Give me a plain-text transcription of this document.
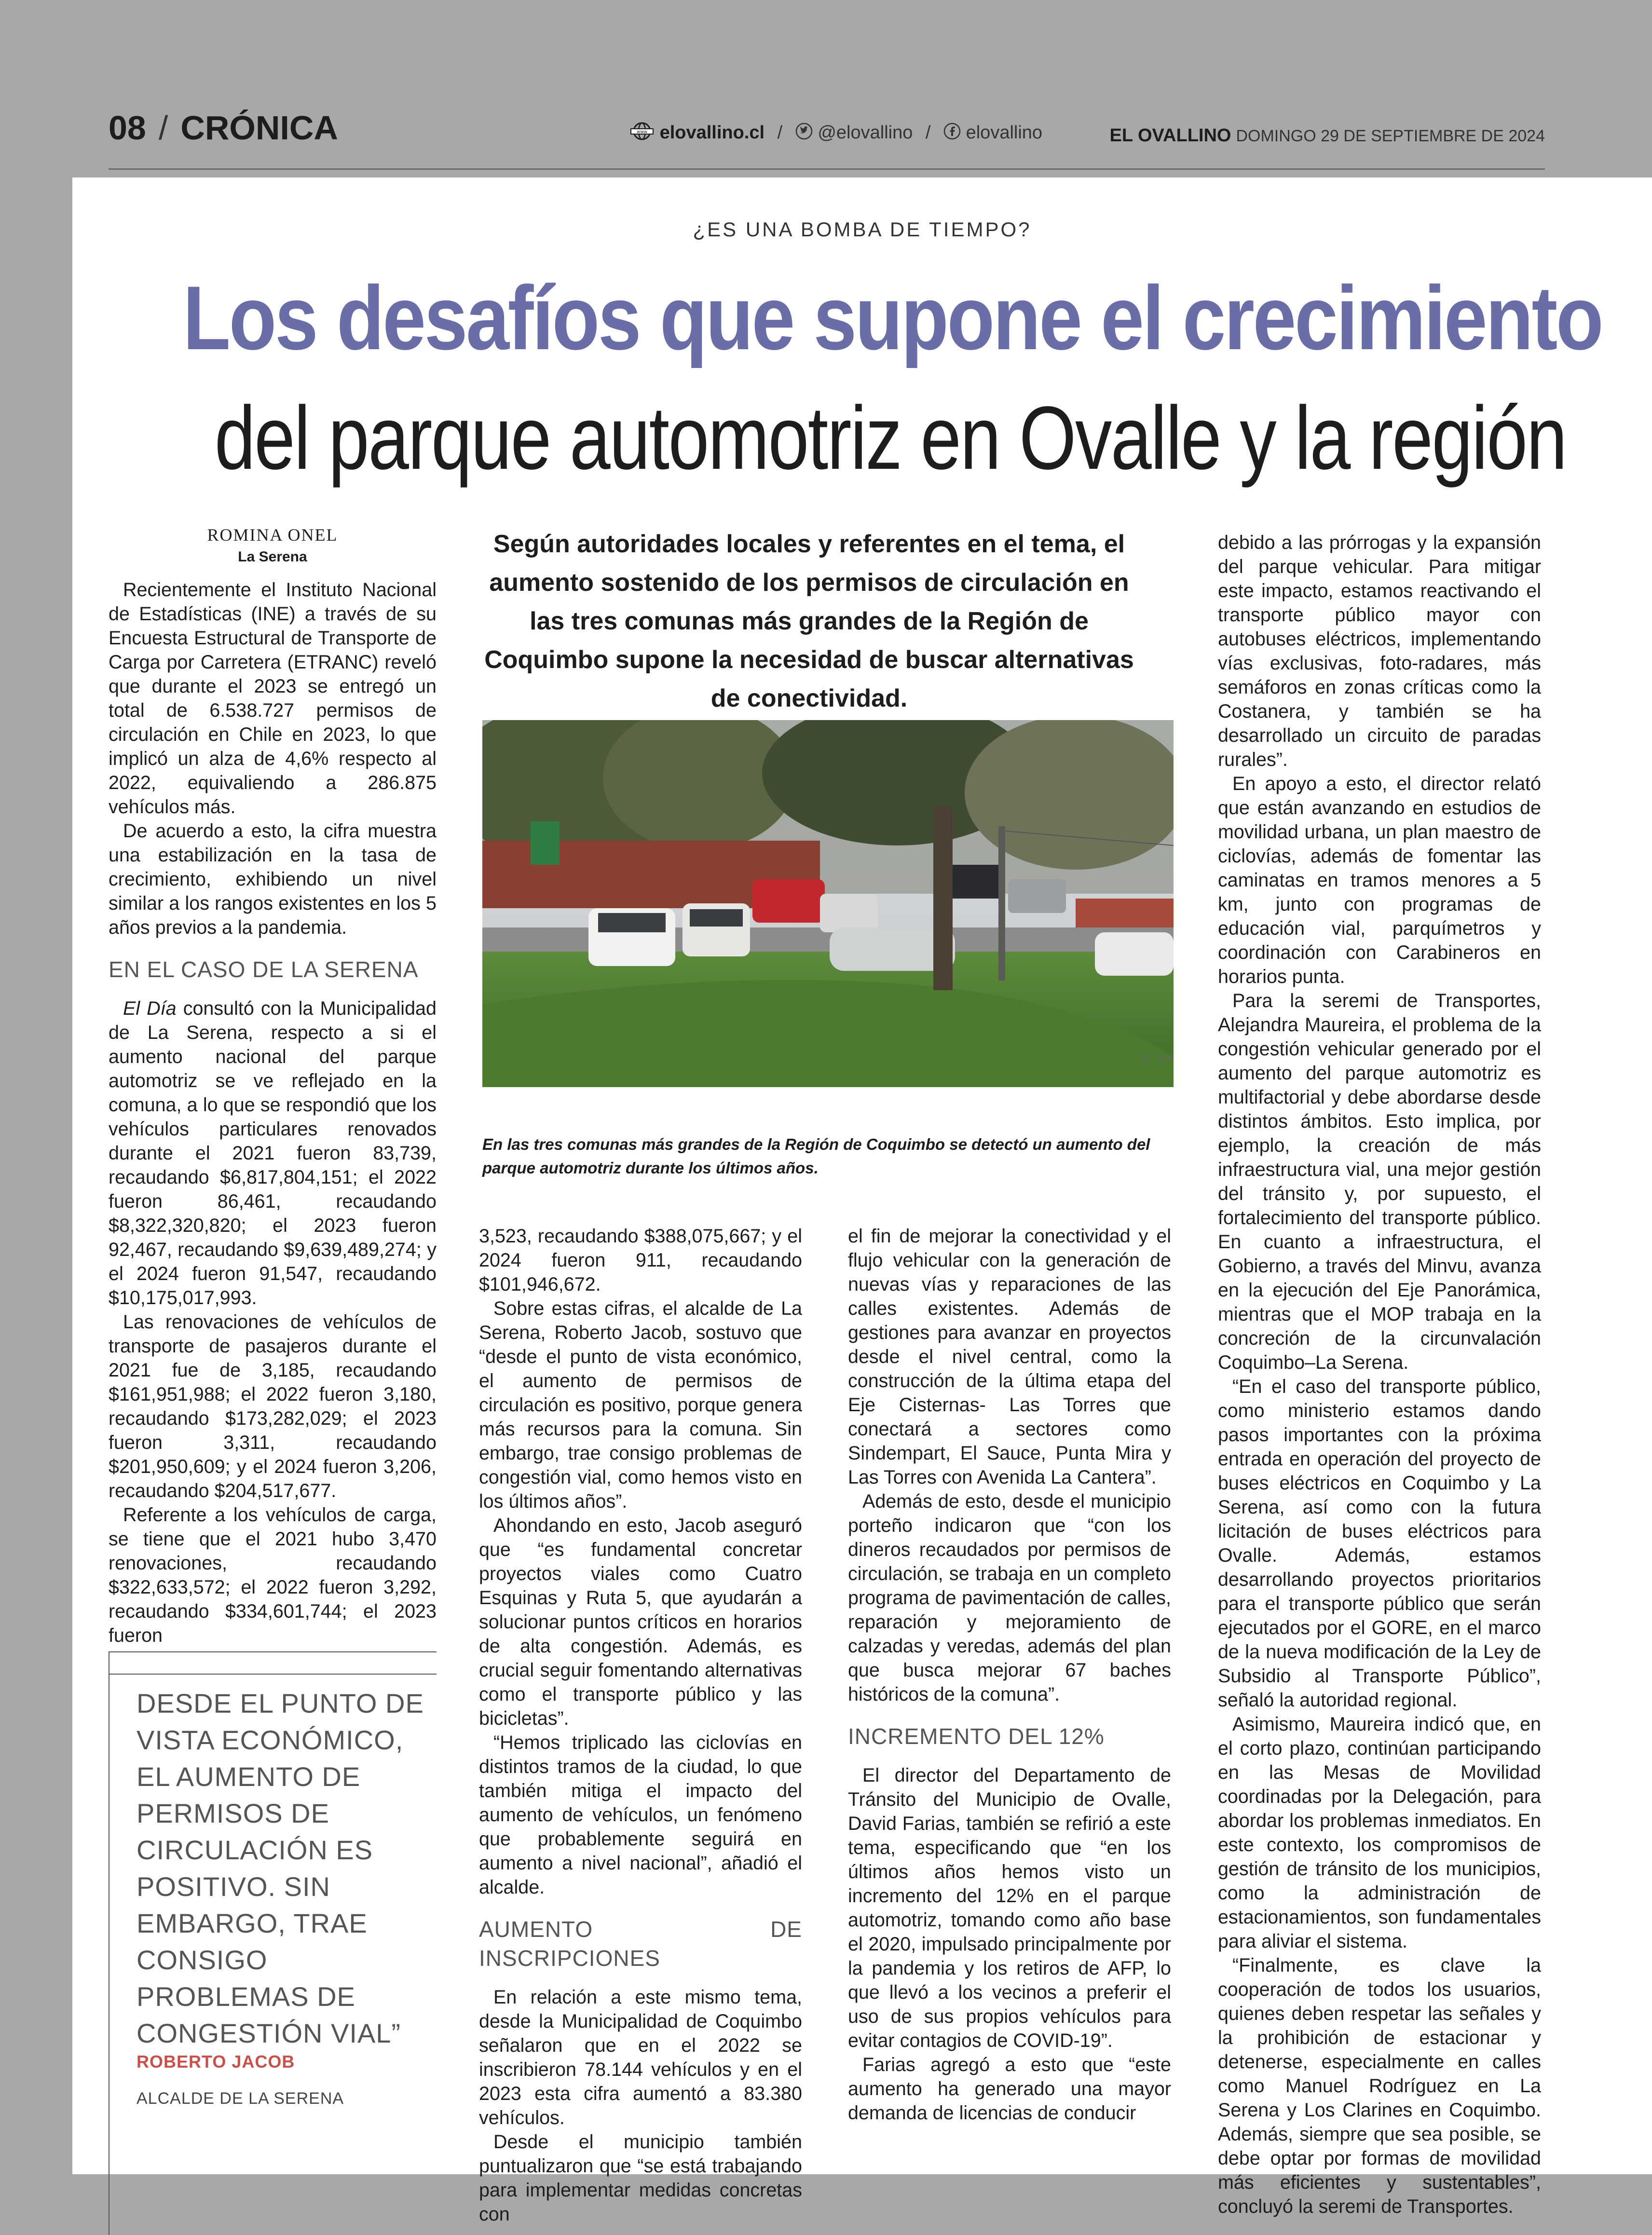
08 / CRÓNICA	www elovallino.cl / @elovallino / elovallino	EL OVALLINO DOMINGO 29 DE SEPTIEMBRE DE 2024
¿ES UNA BOMBA DE TIEMPO?
Los desafíos que supone el crecimiento
del parque automotriz en Ovalle y la región
ROMINA ONEL
La Serena

Recientemente el Instituto Nacional de Estadísticas (INE) a través de su Encuesta Estructural de Transporte de Carga por Carretera (ETRANC) reveló que durante el 2023 se entregó un total de 6.538.727 permisos de circulación en Chile en 2023, lo que implicó un alza de 4,6% respecto al 2022, equivaliendo a 286.875 vehículos más.

De acuerdo a esto, la cifra muestra una estabilización en la tasa de crecimiento, exhibiendo un nivel similar a los rangos existentes en los 5 años previos a la pandemia.

EN EL CASO DE LA SERENA

El Día consultó con la Municipalidad de La Serena, respecto a si el aumento nacional del parque automotriz se ve reflejado en la comuna, a lo que se respondió que los vehículos particulares renovados durante el 2021 fueron 83,739, recaudando $6,817,804,151; el 2022 fueron 86,461, recaudando $8,322,320,820; el 2023 fueron 92,467, recaudando $9,639,489,274; y el 2024 fueron 91,547, recaudando $10,175,017,993.

Las renovaciones de vehículos de transporte de pasajeros durante el 2021 fue de 3,185, recaudando $161,951,988; el 2022 fueron 3,180, recaudando $173,282,029; el 2023 fueron 3,311, recaudando $201,950,609; y el 2024 fueron 3,206, recaudando $204,517,677.

Referente a los vehículos de carga, se tiene que el 2021 hubo 3,470 renovaciones, recaudando $322,633,572; el 2022 fueron 3,292, recaudando $334,601,744; el 2023 fueron

DESDE EL PUNTO DE VISTA ECONÓMICO, EL AUMENTO DE PERMISOS DE CIRCULACIÓN ES POSITIVO. SIN EMBARGO, TRAE CONSIGO PROBLEMAS DE CONGESTIÓN VIAL”
ROBERTO JACOB
ALCALDE DE LA SERENA
Según autoridades locales y referentes en el tema, el aumento sostenido de los permisos de circulación en las tres comunas más grandes de la Región de Coquimbo supone la necesidad de buscar alternativas de conectividad.
EL DÍA
En las tres comunas más grandes de la Región de Coquimbo se detectó un aumento del parque automotriz durante los últimos años.

3,523, recaudando $388,075,667; y el 2024 fueron 911, recaudando $101,946,672.

Sobre estas cifras, el alcalde de La Serena, Roberto Jacob, sostuvo que “desde el punto de vista económico, el aumento de permisos de circulación es positivo, porque genera más recursos para la comuna. Sin embargo, trae consigo problemas de congestión vial, como hemos visto en los últimos años”.

Ahondando en esto, Jacob aseguró que “es fundamental concretar proyectos viales como Cuatro Esquinas y Ruta 5, que ayudarán a solucionar puntos críticos en horarios de alta congestión. Además, es crucial seguir fomentando alternativas como el transporte público y las bicicletas”.

“Hemos triplicado las ciclovías en distintos tramos de la ciudad, lo que también mitiga el impacto del aumento de vehículos, un fenómeno que probablemente seguirá en aumento a nivel nacional”, añadió el alcalde.

AUMENTO DE INSCRIPCIONES

En relación a este mismo tema, desde la Municipalidad de Coquimbo señalaron que en el 2022 se inscribieron 78.144 vehículos y en el 2023 esta cifra aumentó a 83.380 vehículos.

Desde el municipio también puntualizaron que “se está trabajando para implementar medidas concretas con

el fin de mejorar la conectividad y el flujo vehicular con la generación de nuevas vías y reparaciones de las calles existentes. Además de gestiones para avanzar en proyectos desde el nivel central, como la construcción de la última etapa del Eje Cisternas- Las Torres que conectará a sectores como Sindempart, El Sauce, Punta Mira y Las Torres con Avenida La Cantera”.

Además de esto, desde el municipio porteño indicaron que “con los dineros recaudados por permisos de circulación, se trabaja en un completo programa de pavimentación de calles, reparación y mejoramiento de calzadas y veredas, además del plan que busca mejorar 67 baches históricos de la comuna”.

INCREMENTO DEL 12%

El director del Departamento de Tránsito del Municipio de Ovalle, David Farias, también se refirió a este tema, especificando que “en los últimos años hemos visto un incremento del 12% en el parque automotriz, tomando como año base el 2020, impulsado principalmente por la pandemia y los retiros de AFP, lo que llevó a los vecinos a preferir el uso de sus propios vehículos para evitar contagios de COVID-19”.

Farias agregó a esto que “este aumento ha generado una mayor demanda de licencias de conducir

debido a las prórrogas y la expansión del parque vehicular. Para mitigar este impacto, estamos reactivando el transporte público mayor con autobuses eléctricos, implementando vías exclusivas, foto-radares, más semáforos en zonas críticas como la Costanera, y también se ha desarrollado un circuito de paradas rurales”.

En apoyo a esto, el director relató que están avanzando en estudios de movilidad urbana, un plan maestro de ciclovías, además de fomentar las caminatas en tramos menores a 5 km, junto con programas de educación vial, parquímetros y coordinación con Carabineros en horarios punta.

Para la seremi de Transportes, Alejandra Maureira, el problema de la congestión vehicular generado por el aumento del parque automotriz es multifactorial y debe abordarse desde distintos ámbitos. Esto implica, por ejemplo, la creación de más infraestructura vial, una mejor gestión del tránsito y, por supuesto, el fortalecimiento del transporte público. En cuanto a infraestructura, el Gobierno, a través del Minvu, avanza en la ejecución del Eje Panorámica, mientras que el MOP trabaja en la concreción de la circunvalación Coquimbo–La Serena.

“En el caso del transporte público, como ministerio estamos dando pasos importantes con la próxima entrada en operación del proyecto de buses eléctricos en Coquimbo y La Serena, así como con la futura licitación de buses eléctricos para Ovalle. Además, estamos desarrollando proyectos prioritarios para el transporte público que serán ejecutados por el GORE, en el marco de la nueva modificación de la Ley de Subsidio al Transporte Público”, señaló la autoridad regional.

Asimismo, Maureira indicó que, en el corto plazo, continúan participando en las Mesas de Movilidad coordinadas por la Delegación, para abordar los problemas inmediatos. En este contexto, los compromisos de gestión de tránsito de los municipios, como la administración de estacionamientos, son fundamentales para aliviar el sistema.

“Finalmente, es clave la cooperación de todos los usuarios, quienes deben respetar las señales y la prohibición de estacionar y detenerse, especialmente en calles como Manuel Rodríguez en La Serena y Los Clarines en Coquimbo. Además, siempre que sea posible, se debe optar por formas de movilidad más eficientes y sustentables”, concluyó la seremi de Transportes.
